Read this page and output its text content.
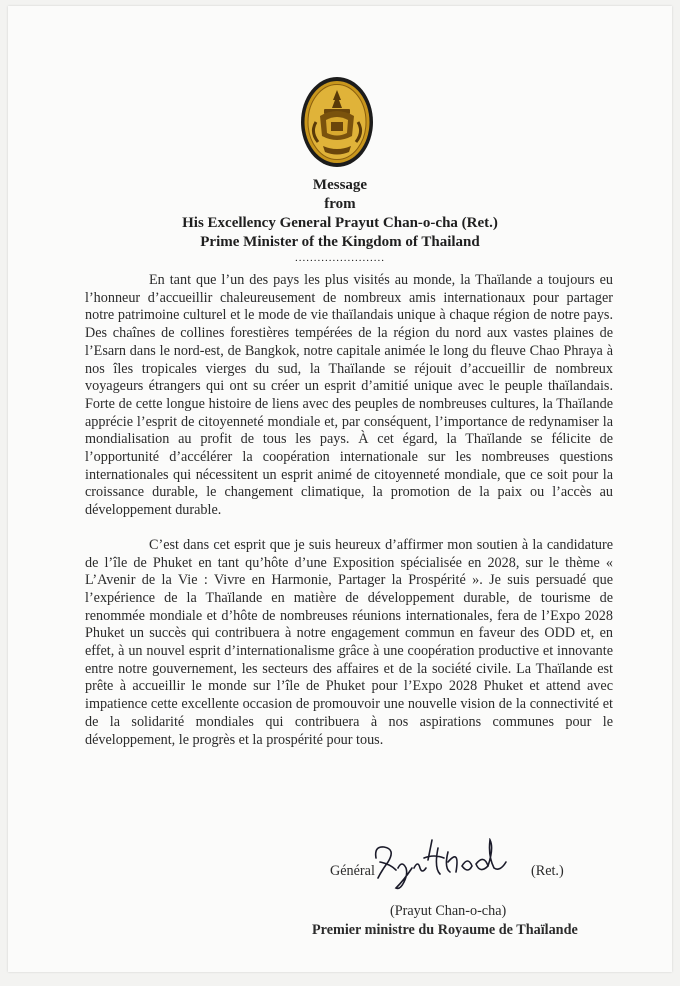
Message
from
His Excellency General Prayut Chan-o-cha (Ret.)
Prime Minister of the Kingdom of Thailand
........................

En tant que l’un des pays les plus visités au monde, la Thaïlande a toujours eu l’honneur d’accueillir chaleureusement de nombreux amis internationaux pour partager notre patrimoine culturel et le mode de vie thaïlandais unique à chaque région de notre pays. Des chaînes de collines forestières tempérées de la région du nord aux vastes plaines de l’Esarn dans le nord-est, de Bangkok, notre capitale animée le long du fleuve Chao Phraya à nos îles tropicales vierges du sud, la Thaïlande se réjouit d’accueillir de nombreux voyageurs étrangers qui ont su créer un esprit d’amitié unique avec le peuple thaïlandais. Forte de cette longue histoire de liens avec des peuples de nombreuses cultures, la Thaïlande apprécie l’esprit de citoyenneté mondiale et, par conséquent, l’importance de redynamiser la mondialisation au profit de tous les pays. À cet égard, la Thaïlande se félicite de l’opportunité d’accélérer la coopération internationale sur les nombreuses questions internationales qui nécessitent un esprit animé de citoyenneté mondiale, que ce soit pour la croissance durable, le changement climatique, la promotion de la paix ou l’accès au développement durable.

C’est dans cet esprit que je suis heureux d’affirmer mon soutien à la candidature de l’île de Phuket en tant qu’hôte d’une Exposition spécialisée en 2028, sur le thème « L’Avenir de la Vie : Vivre en Harmonie, Partager la Prospérité ». Je suis persuadé que l’expérience de la Thaïlande en matière de développement durable, de tourisme de renommée mondiale et d’hôte de nombreuses réunions internationales, fera de l’Expo 2028 Phuket un succès qui contribuera à notre engagement commun en faveur des ODD et, en effet, à un nouvel esprit d’internationalisme grâce à une coopération productive et innovante entre notre gouvernement, les secteurs des affaires et de la société civile. La Thaïlande est prête à accueillir le monde sur l’île de Phuket pour l’Expo 2028 Phuket et attend avec impatience cette excellente occasion de promouvoir une nouvelle vision de la connectivité et de la solidarité mondiales qui contribuera à nos aspirations communes pour le développement, le progrès et la prospérité pour tous.

Général	(Ret.)
(Prayut Chan-o-cha)
Premier ministre du Royaume de Thaïlande
